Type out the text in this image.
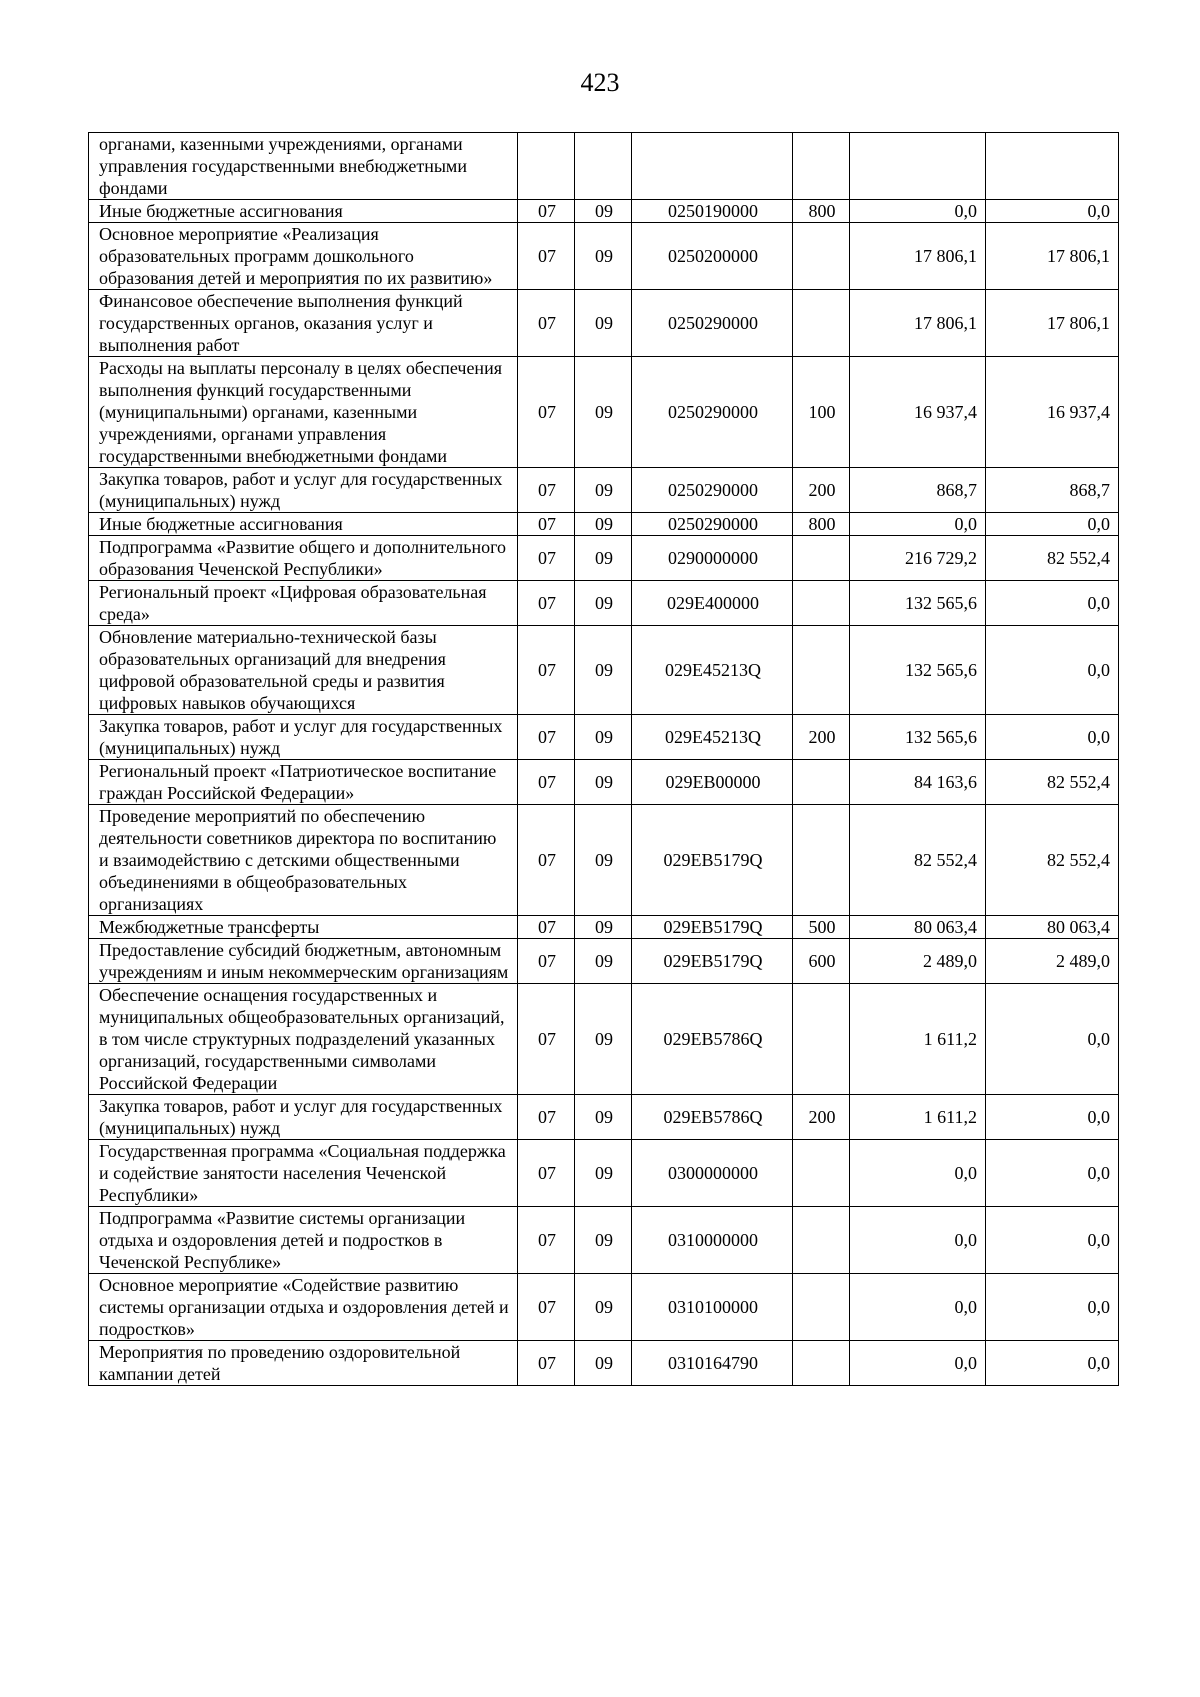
423
органами, казенными учреждениями, органами управления государственными внебюджетными фондами						
Иные бюджетные ассигнования	07	09	0250190000	800	0,0	0,0
Основное мероприятие «Реализация образовательных программ дошкольного образования детей и мероприятия по их развитию»	07	09	0250200000		17 806,1	17 806,1
Финансовое обеспечение выполнения функций государственных органов, оказания услуг и выполнения работ	07	09	0250290000		17 806,1	17 806,1
Расходы на выплаты персоналу в целях обеспечения выполнения функций государственными (муниципальными) органами, казенными учреждениями, органами управления государственными внебюджетными фондами	07	09	0250290000	100	16 937,4	16 937,4
Закупка товаров, работ и услуг для государственных (муниципальных) нужд	07	09	0250290000	200	868,7	868,7
Иные бюджетные ассигнования	07	09	0250290000	800	0,0	0,0
Подпрограмма «Развитие общего и дополнительного образования Чеченской Республики»	07	09	0290000000		216 729,2	82 552,4
Региональный проект «Цифровая образовательная среда»	07	09	029E400000		132 565,6	0,0
Обновление материально-технической базы образовательных организаций для внедрения цифровой образовательной среды и развития цифровых навыков обучающихся	07	09	029E45213Q		132 565,6	0,0
Закупка товаров, работ и услуг для государственных (муниципальных) нужд	07	09	029E45213Q	200	132 565,6	0,0
Региональный проект «Патриотическое воспитание граждан Российской Федерации»	07	09	029EB00000		84 163,6	82 552,4
Проведение мероприятий по обеспечению деятельности советников директора по воспитанию и взаимодействию с детскими общественными объединениями в общеобразовательных организациях	07	09	029EB5179Q		82 552,4	82 552,4
Межбюджетные трансферты	07	09	029EB5179Q	500	80 063,4	80 063,4
Предоставление субсидий бюджетным, автономным учреждениям и иным некоммерческим организациям	07	09	029EB5179Q	600	2 489,0	2 489,0
Обеспечение оснащения государственных и муниципальных общеобразовательных организаций, в том числе структурных подразделений указанных организаций, государственными символами Российской Федерации	07	09	029EB5786Q		1 611,2	0,0
Закупка товаров, работ и услуг для государственных (муниципальных) нужд	07	09	029EB5786Q	200	1 611,2	0,0
Государственная программа «Социальная поддержка и содействие занятости населения Чеченской Республики»	07	09	0300000000		0,0	0,0
Подпрограмма «Развитие системы организации отдыха и оздоровления детей и подростков в Чеченской Республике»	07	09	0310000000		0,0	0,0
Основное мероприятие «Содействие развитию системы организации отдыха и оздоровления детей и подростков»	07	09	0310100000		0,0	0,0
Мероприятия по проведению оздоровительной кампании детей	07	09	0310164790		0,0	0,0
